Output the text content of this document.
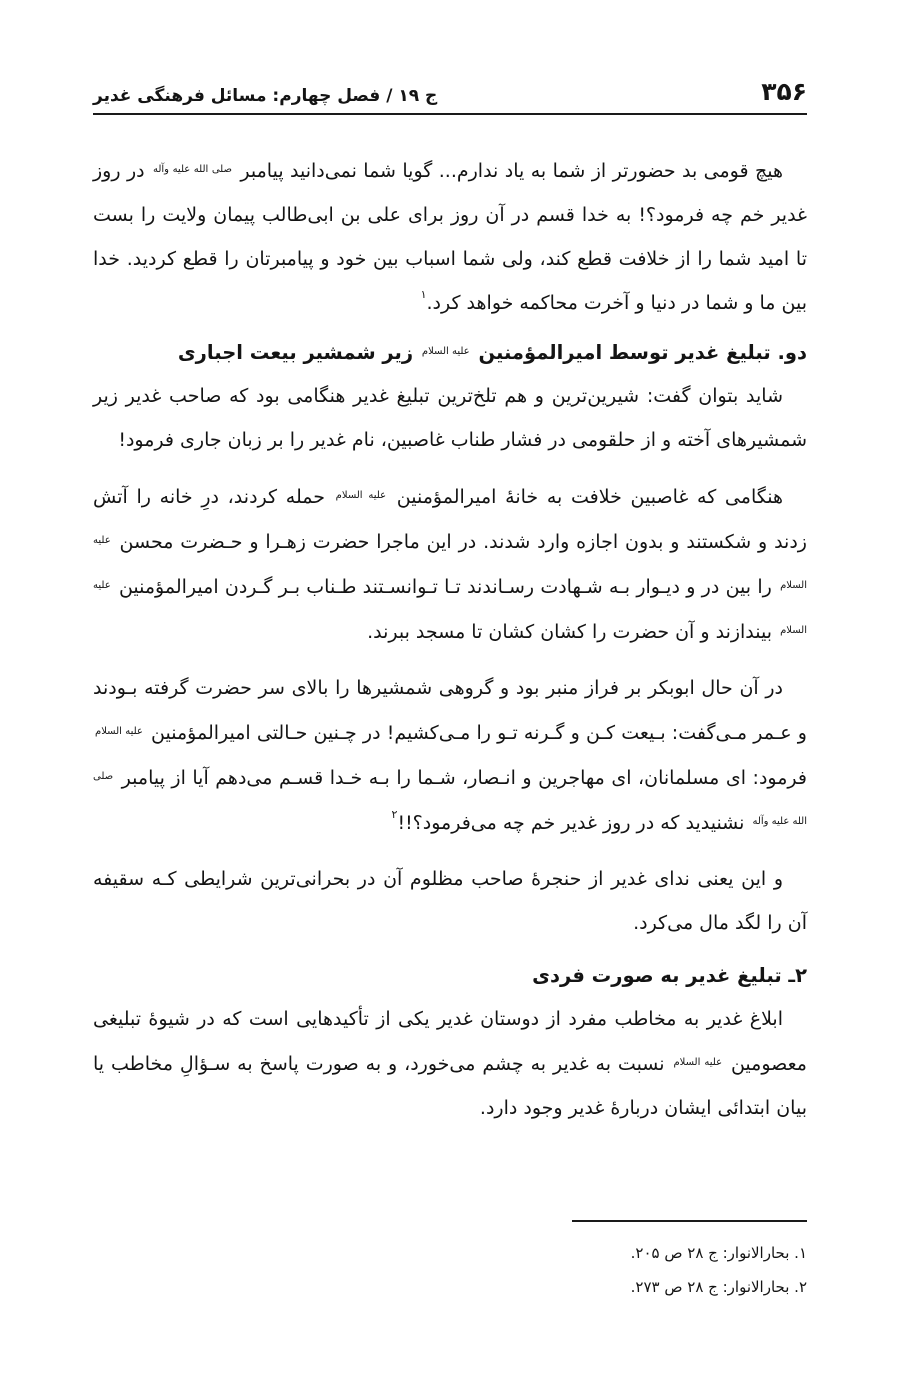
۳۵۶
ج ۱۹ / فصل چهارم: مسائل فرهنگی غدیر

هیچ قومی بد حضورتر از شما به یاد ندارم... گویا شما نمی‌دانید پیامبر $^{صلى الله عليه وآله}$ در روز غدیر خم چه فرمود؟! به خدا قسم در آن روز برای علی بن ابی‌طالب پیمان ولایت را بست تا امید شما را از خلافت قطع کند، ولی شما اسباب بین خود و پیامبرتان را قطع کردید. خدا بین ما و شما در دنیا و آخرت محاکمه خواهد کرد.$^۱$

دو. تبلیغ غدیر توسط امیرالمؤمنین $^{عليه السلام}$ زیر شمشیر بیعت اجباری

شاید بتوان گفت: شیرین‌ترین و هم تلخ‌ترین تبلیغ غدیر هنگامی بود که صاحب غدیر زیر شمشیرهای آخته و از حلقومی در فشار طناب غاصبین، نام غدیر را بر زبان جاری فرمود!

هنگامی که غاصبین خلافت به خانۀ امیرالمؤمنین $^{عليه السلام}$ حمله کردند، درِ خانه را آتش زدند و شکستند و بدون اجازه وارد شدند. در این ماجرا حضرت زهـرا و حـضرت محسن $^{عليه السلام}$ را بین در و دیـوار بـه شـهادت رسـاندند تـا تـوانسـتند طـناب بـر گـردن امیرالمؤمنین $^{عليه السلام}$ بیندازند و آن حضرت را کشان کشان تا مسجد ببرند.

در آن حال ابوبکر بر فراز منبر بود و گروهی شمشیرها را بالای سر حضرت گرفته بـودند و عـمر مـی‌گفت: بـیعت کـن و گـرنه تـو را مـی‌کشیم! در چـنین حـالتی امیرالمؤمنین $^{عليه السلام}$ فرمود: ای مسلمانان، ای مهاجرین و انـصار، شـما را بـه خـدا قسـم می‌دهم آیا از پیامبر $^{صلى الله عليه وآله}$ نشنیدید که در روز غدیر خم چه می‌فرمود؟!!$^۲$

و این یعنی ندای غدیر از حنجرۀ صاحب مظلوم آن در بحرانی‌ترین شرایطی کـه سقیفه آن را لگد مال می‌کرد.

۲ـ تبلیغ غدیر به صورت فردی

ابلاغ غدیر به مخاطب مفرد از دوستان غدیر یکی از تأکیدهایی است که در شیوۀ تبلیغی معصومین $^{عليه السلام}$ نسبت به غدیر به چشم می‌خورد، و به صورت پاسخ به سـؤالِ مخاطب یا بیان ابتدائی ایشان دربارۀ غدیر وجود دارد.

۱. بحارالانوار: ج ۲۸ ص ۲۰۵.
۲. بحارالانوار: ج ۲۸ ص ۲۷۳.
